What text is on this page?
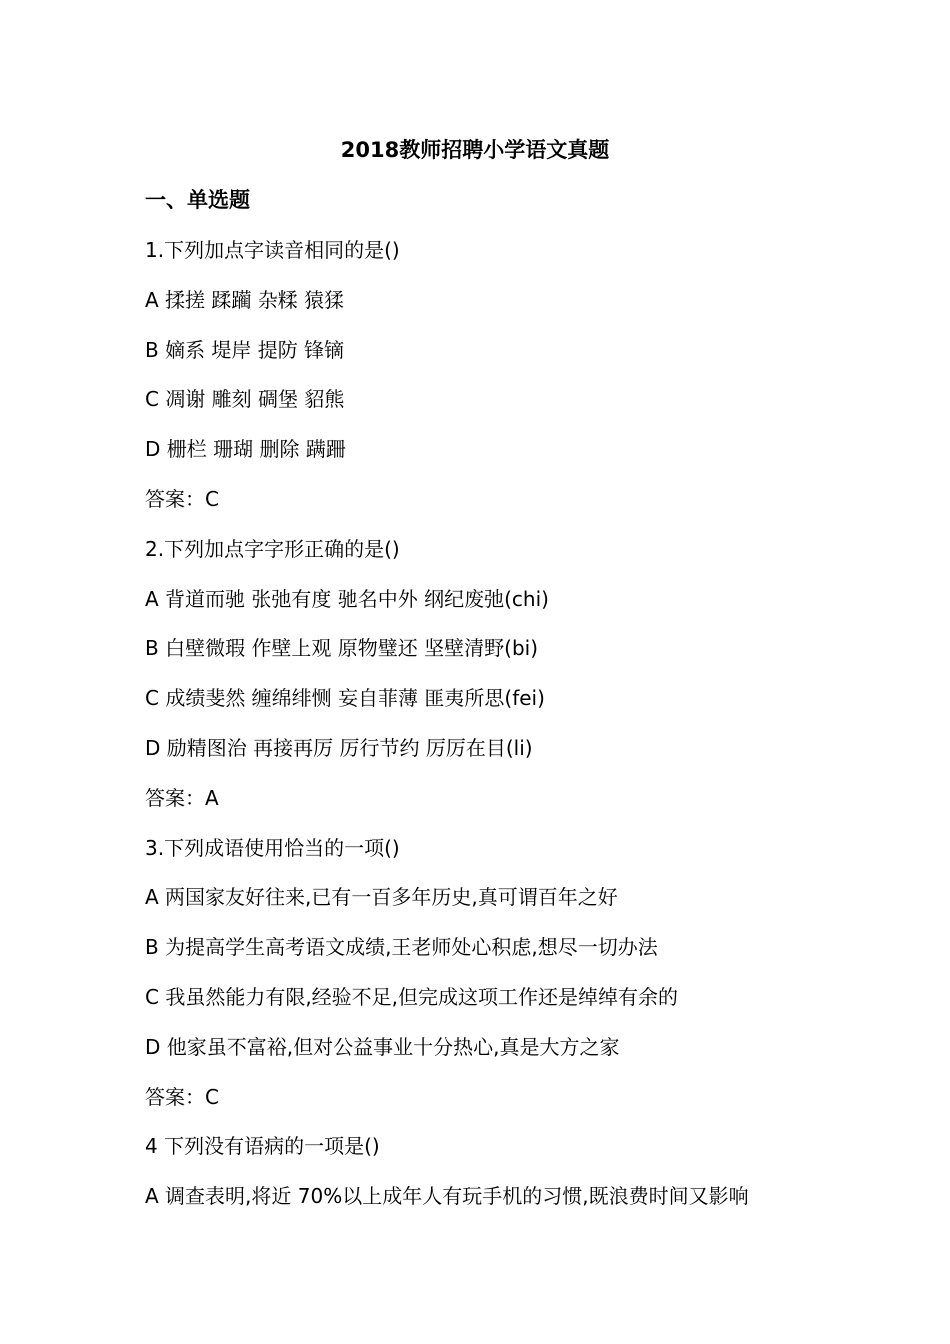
2018教师招聘小学语文真题
一、单选题
1.下列加点字读音相同的是()
A 揉搓 蹂躏 杂糅 猿猱
B 嫡系 堤岸 提防 锋镝
C 凋谢 雕刻 碉堡 貂熊
D 栅栏 珊瑚 删除 蹒跚
答案：C
2.下列加点字字形正确的是()
A 背道而驰 张弛有度 驰名中外 纲纪废弛(chi)
B 白壁微瑕 作壁上观 原物璧还 坚壁清野(bi)
C 成绩斐然 缠绵绯恻 妄自菲薄 匪夷所思(fei)
D 励精图治 再接再厉 厉行节约 厉厉在目(li)
答案：A
3.下列成语使用恰当的一项()
A 两国家友好往来,已有一百多年历史,真可谓百年之好
B 为提高学生高考语文成绩,王老师处心积虑,想尽一切办法
C 我虽然能力有限,经验不足,但完成这项工作还是绰绰有余的
D 他家虽不富裕,但对公益事业十分热心,真是大方之家
答案：C
4 下列没有语病的一项是()
A 调查表明,将近 70%以上成年人有玩手机的习惯,既浪费时间又影响
